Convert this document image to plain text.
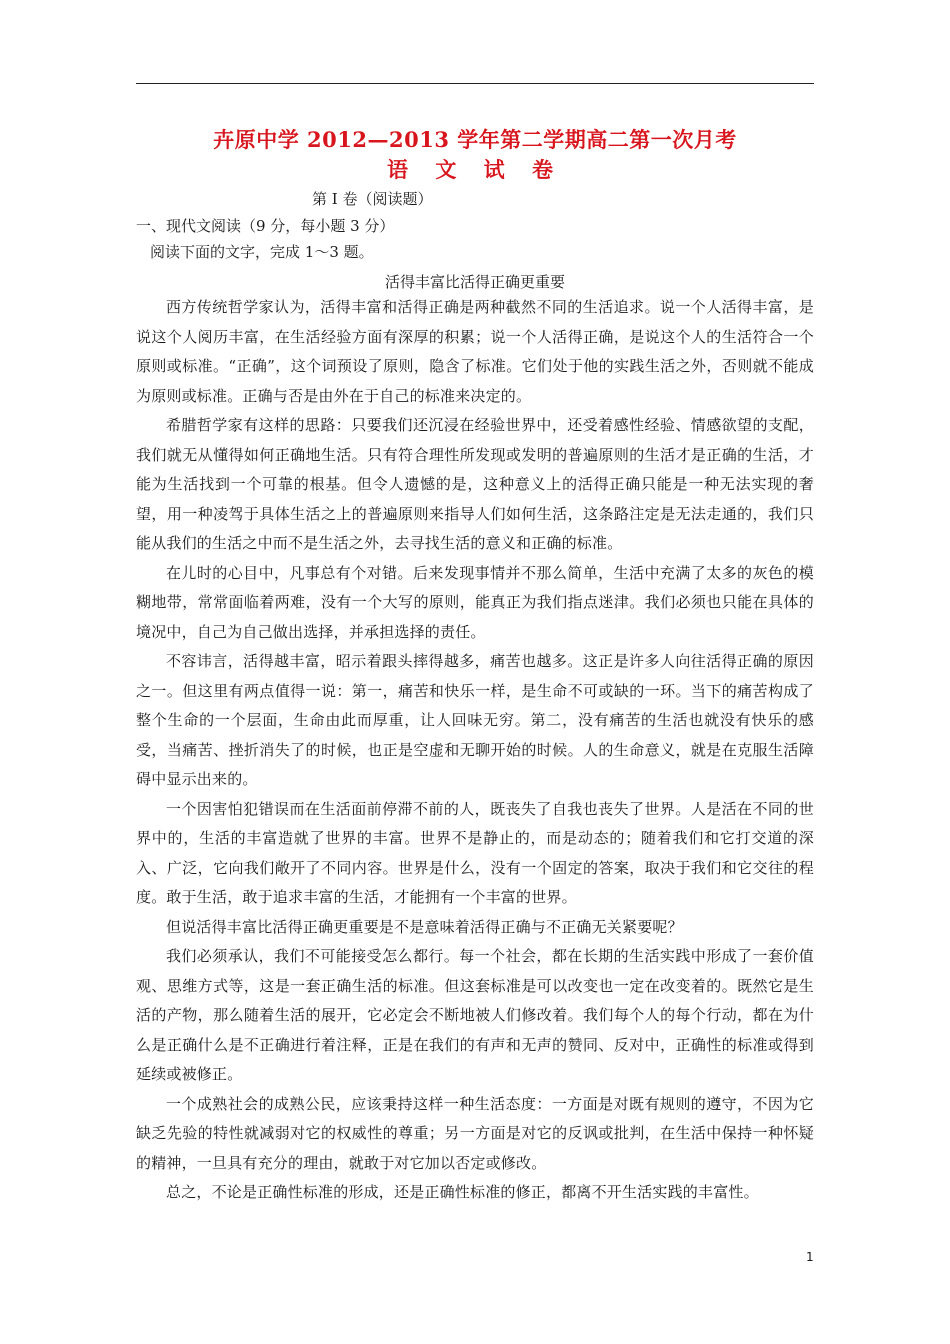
卉原中学 2012—2013 学年第二学期高二第一次月考
语 文 试 卷
第 I 卷（阅读题）
一、现代文阅读（9 分，每小题 3 分）
阅读下面的文字，完成 1～3 题。
活得丰富比活得正确更重要

西方传统哲学家认为，活得丰富和活得正确是两种截然不同的生活追求。说一个人活得丰富，是说这个人阅历丰富，在生活经验方面有深厚的积累；说一个人活得正确，是说这个人的生活符合一个原则或标准。“正确”，这个词预设了原则，隐含了标准。它们处于他的实践生活之外，否则就不能成为原则或标准。正确与否是由外在于自己的标准来决定的。

希腊哲学家有这样的思路：只要我们还沉浸在经验世界中，还受着感性经验、情感欲望的支配，我们就无从懂得如何正确地生活。只有符合理性所发现或发明的普遍原则的生活才是正确的生活，才能为生活找到一个可靠的根基。但令人遗憾的是，这种意义上的活得正确只能是一种无法实现的奢望，用一种凌驾于具体生活之上的普遍原则来指导人们如何生活，这条路注定是无法走通的，我们只能从我们的生活之中而不是生活之外，去寻找生活的意义和正确的标准。

在儿时的心目中，凡事总有个对错。后来发现事情并不那么简单，生活中充满了太多的灰色的模糊地带，常常面临着两难，没有一个大写的原则，能真正为我们指点迷津。我们必须也只能在具体的境况中，自己为自己做出选择，并承担选择的责任。

不容讳言，活得越丰富，昭示着跟头摔得越多，痛苦也越多。这正是许多人向往活得正确的原因之一。但这里有两点值得一说：第一，痛苦和快乐一样，是生命不可或缺的一环。当下的痛苦构成了整个生命的一个层面，生命由此而厚重，让人回味无穷。第二，没有痛苦的生活也就没有快乐的感受，当痛苦、挫折消失了的时候，也正是空虚和无聊开始的时候。人的生命意义，就是在克服生活障碍中显示出来的。

一个因害怕犯错误而在生活面前停滞不前的人，既丧失了自我也丧失了世界。人是活在不同的世界中的，生活的丰富造就了世界的丰富。世界不是静止的，而是动态的；随着我们和它打交道的深入、广泛，它向我们敞开了不同内容。世界是什么，没有一个固定的答案，取决于我们和它交往的程度。敢于生活，敢于追求丰富的生活，才能拥有一个丰富的世界。

但说活得丰富比活得正确更重要是不是意味着活得正确与不正确无关紧要呢？

我们必须承认，我们不可能接受怎么都行。每一个社会，都在长期的生活实践中形成了一套价值观、思维方式等，这是一套正确生活的标准。但这套标准是可以改变也一定在改变着的。既然它是生活的产物，那么随着生活的展开，它必定会不断地被人们修改着。我们每个人的每个行动，都在为什么是正确什么是不正确进行着注释，正是在我们的有声和无声的赞同、反对中，正确性的标准或得到延续或被修正。

一个成熟社会的成熟公民，应该秉持这样一种生活态度：一方面是对既有规则的遵守，不因为它缺乏先验的特性就减弱对它的权威性的尊重；另一方面是对它的反讽或批判，在生活中保持一种怀疑的精神，一旦具有充分的理由，就敢于对它加以否定或修改。

总之，不论是正确性标准的形成，还是正确性标准的修正，都离不开生活实践的丰富性。

1
